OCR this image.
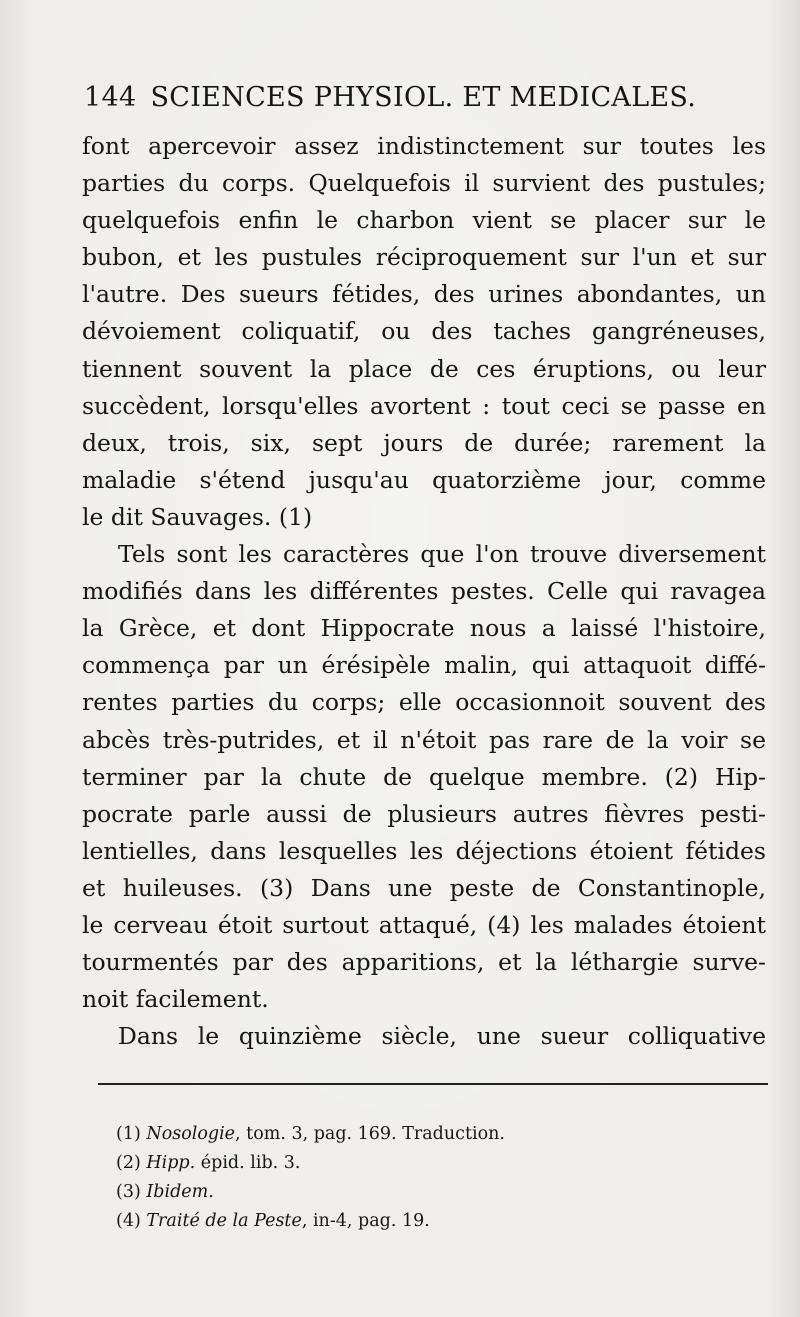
144 SCIENCES PHYSIOL. ET MEDICALES.
font apercevoir assez indistinctement sur toutes les
parties du corps. Quelquefois il survient des pustules;
quelquefois enfin le charbon vient se placer sur le
bubon, et les pustules réciproquement sur l'un et sur
l'autre. Des sueurs fétides, des urines abondantes, un
dévoiement coliquatif, ou des taches gangréneuses,
tiennent souvent la place de ces éruptions, ou leur
succèdent, lorsqu'elles avortent : tout ceci se passe en
deux, trois, six, sept jours de durée; rarement la
maladie s'étend jusqu'au quatorzième jour, comme
le dit Sauvages. (1)
Tels sont les caractères que l'on trouve diversement
modifiés dans les différentes pestes. Celle qui ravagea
la Grèce, et dont Hippocrate nous a laissé l'histoire,
commença par un érésipèle malin, qui attaquoit diffé-
rentes parties du corps; elle occasionnoit souvent des
abcès très-putrides, et il n'étoit pas rare de la voir se
terminer par la chute de quelque membre. (2) Hip-
pocrate parle aussi de plusieurs autres fièvres pesti-
lentielles, dans lesquelles les déjections étoient fétides
et huileuses. (3) Dans une peste de Constantinople,
le cerveau étoit surtout attaqué, (4) les malades étoient
tourmentés par des apparitions, et la léthargie surve-
noit facilement.
Dans le quinzième siècle, une sueur colliquative
(1) Nosologie, tom. 3, pag. 169. Traduction.
(2) Hipp. épid. lib. 3.
(3) Ibidem.
(4) Traité de la Peste, in-4, pag. 19.
